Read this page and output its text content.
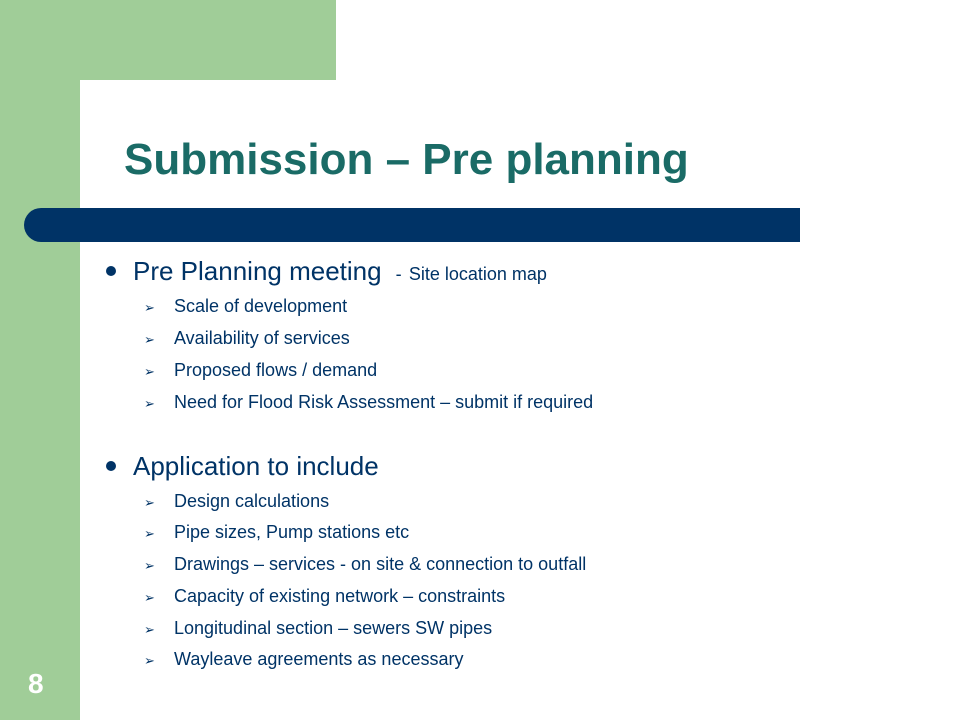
Submission – Pre planning
Pre Planning meeting - Site location map
➢ Scale of development
➢ Availability of services
➢ Proposed flows / demand
➢ Need for Flood Risk Assessment – submit if required
Application to include
➢ Design calculations
➢ Pipe sizes, Pump stations etc
➢ Drawings – services - on site & connection to outfall
➢ Capacity of existing network – constraints
➢ Longitudinal section – sewers SW pipes
➢ Wayleave agreements as necessary
8
